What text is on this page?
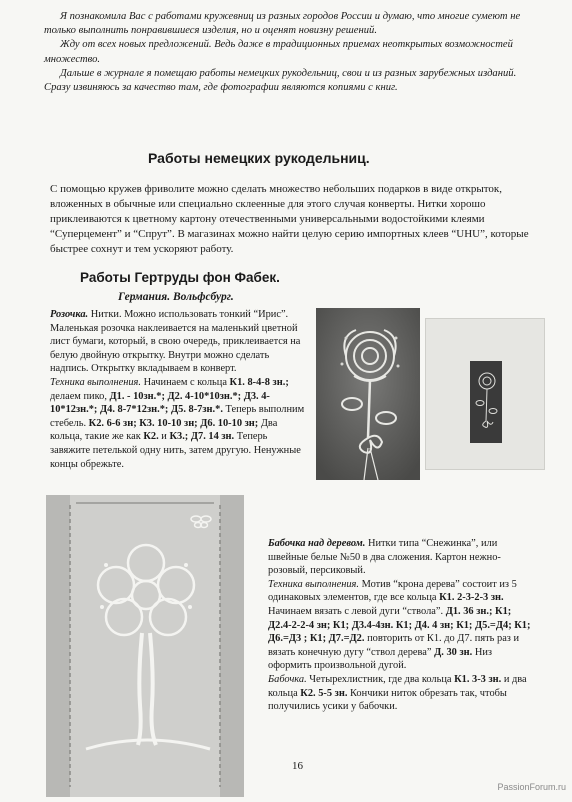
Я познакомила Вас с работами кружевниц из разных городов России и думаю, что многие сумеют не только выполнить понравившиеся изделия, но и оценят новизну решений.

Жду от всех новых предложений. Ведь даже в традиционных приемах неоткрытых возможностей множество.

Дальше в журнале я помещаю работы немецких рукодельниц, свои и из разных зарубежных изданий. Сразу извиняюсь за качество там, где фотографии являются копиями с книг.

Работы немецких рукодельниц.

С помощью кружев фриволите можно сделать множество небольших подарков в виде открыток, вложенных в обычные или специально склеенные для этого случая конверты. Нитки хорошо приклеиваются к цветному картону отечественными универсальными водостойкими клеями “Суперцемент” и “Спрут”. В магазинах можно найти целую серию импортных клеев “UHU”, которые быстрее сохнут и тем ускоряют работу.

Работы Гертруды фон Фабек.
Германия. Вольфсбург.

Розочка. Нитки. Можно использовать тонкий “Ирис”. Маленькая розочка наклеивается на маленький цветной лист бумаги, который, в свою очередь, приклеивается на белую двойную открытку. Внутри можно сделать надпись. Открытку вкладываем в конверт.

Техника выполнения. Начинаем с кольца К1. 8-4-8 зн.; делаем пико, Д1. - 10зн.*; Д2. 4-10*10зн.*; Д3. 4-10*12зн.*; Д4. 8-7*12зн.*; Д5. 8-7зн.*. Теперь выполним стебель. К2. 6-6 зн; К3. 10-10 зн; Д6. 10-10 зн; Два кольца, такие же как К2. и К3.; Д7. 14 зн. Теперь завяжите петелькой одну нить, затем другую. Ненужные концы обрежьте.

Бабочка над деревом. Нитки типа “Снежинка”, или швейные белые №50 в два сложения. Картон нежно-розовый, персиковый.

Техника выполнения. Мотив “крона дерева” состоит из 5 одинаковых элементов, где все кольца К1. 2-3-2-3 зн. Начинаем вязать с левой дуги “ствола”. Д1. 36 зн.; К1; Д2.4-2-2-4 зн; К1; Д3.4-4зн. К1; Д4. 4 зн; К1; Д5.=Д4; К1; Д6.=Д3 ; К1; Д7.=Д2. повторить от К1. до Д7. пять раз и вязать конечную дугу “ствол дерева” Д. 30 зн. Низ оформить произвольной дугой.

Бабочка. Четырехлистник, где два кольца К1. 3-3 зн. и два кольца К2. 5-5 зн. Кончики ниток обрезать так, чтобы получились усики у бабочки.

16
PassionForum.ru
